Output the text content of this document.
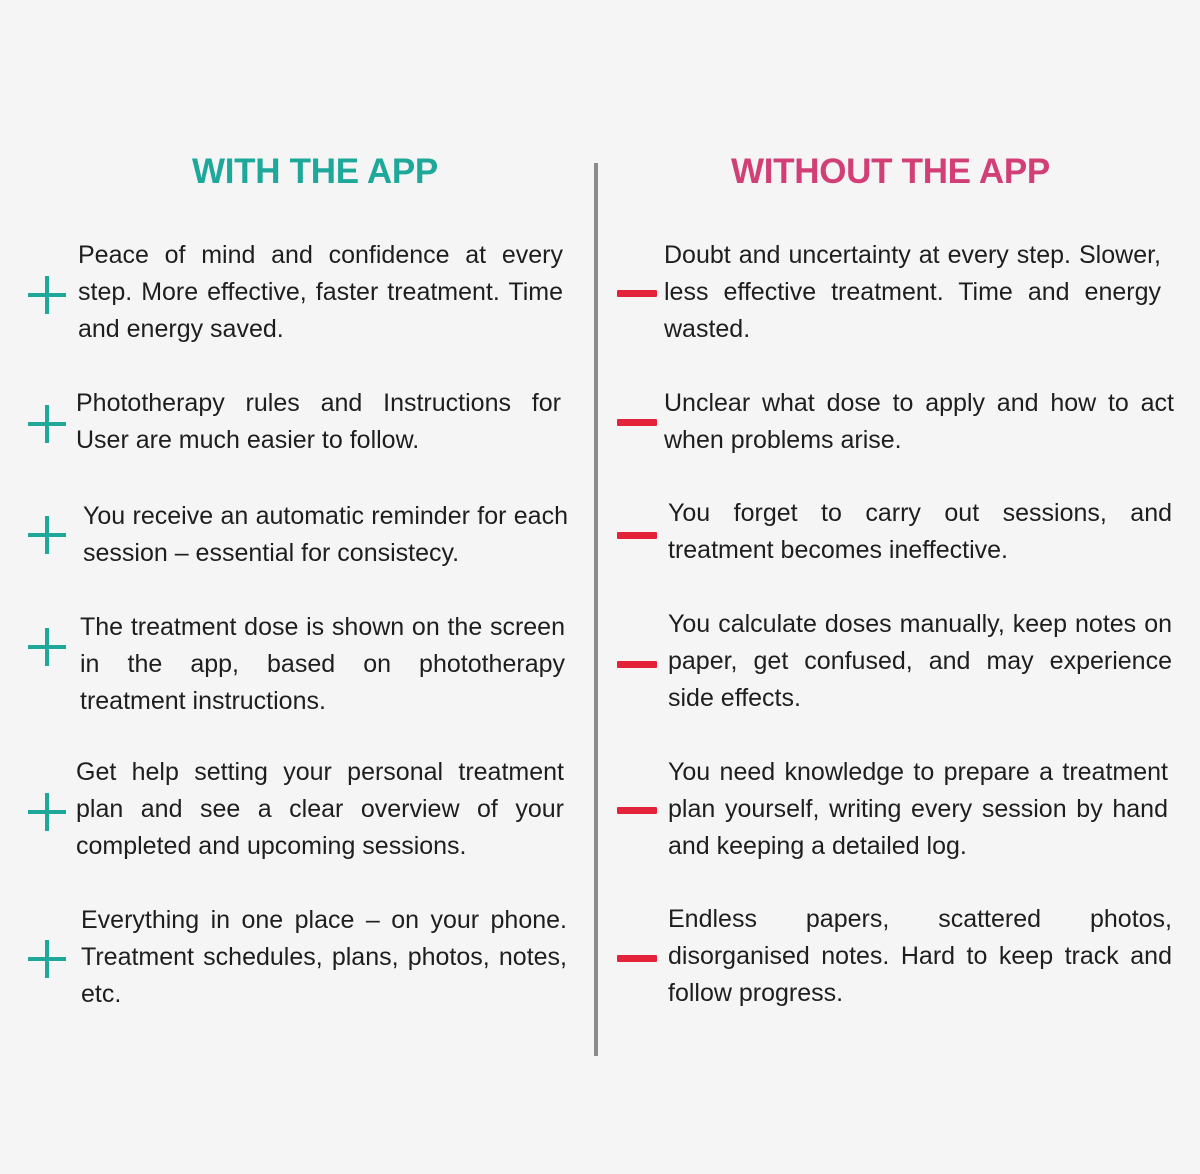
WITH THE APP	WITHOUT THE APP

Peace of mind and confidence at every step. More effective, faster treatment. Time and energy saved.

Phototherapy rules and Instructions for User are much easier to follow.

You receive an automatic reminder for each session – essential for consistecy.

The treatment dose is shown on the screen in the app, based on phototherapy treatment instructions.

Get help setting your personal treatment plan and see a clear overview of your completed and upcoming sessions.

Everything in one place – on your phone. Treatment schedules, plans, photos, notes, etc.

Doubt and uncertainty at every step. Slower, less effective treatment. Time and energy wasted.

Unclear what dose to apply and how to act when problems arise.

You forget to carry out sessions, and treatment becomes ineffective.

You calculate doses manually, keep notes on paper, get confused, and may experience side effects.

You need knowledge to prepare a treatment plan yourself, writing every session by hand and keeping a detailed log.

Endless papers, scattered photos, disorganised notes. Hard to keep track and follow progress.
